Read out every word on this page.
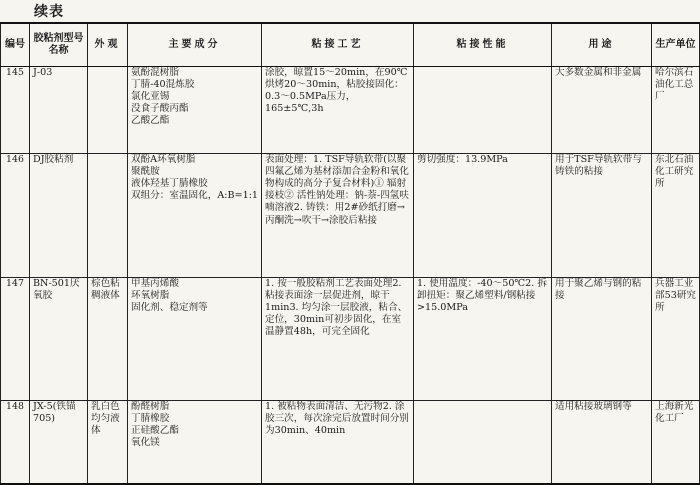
续表
编号	胶粘剂型号名称	外观	主要成分	粘接工艺	粘接性能	用途	生产单位
145	J-03		氨酚混树脂
丁腈-40混炼胶
氯化亚锡
没食子酸丙酯
乙酸乙酯	涂胶，晾置15～20min，在90℃烘烤20～30min，粘胶接固化：0.3～0.5MPa压力，165±5℃,3h		大多数金属和非金属	哈尔滨石油化工总厂
146	DJ胶粘剂		双酚A环氧树脂
聚酰胺
液体羟基丁腈橡胶
双组分：室温固化，A:B=1:1	表面处理：1. TSF导轨软带(以聚四氟乙烯为基材添加合金粉和氧化物构成的高分子复合材料)① 辐射接枝② 活性钠处理：钠-萘-四氢呋喃溶液2. 铸铁：用2#砂纸打磨→丙酮洗→吹干→涂胶后粘接	剪切强度：13.9MPa	用于TSF导轨软带与铸铁的粘接	东北石油化工研究所
147	BN-501厌氧胶	棕色粘稠液体	甲基丙烯酸
环氧树脂
固化剂、稳定剂等	1. 按一般胶粘剂工艺表面处理2. 粘接表面涂一层促进剂，晾干1min3. 均匀涂一层胶液，粘合、定位，30min可初步固化，在室温静置48h，可完全固化	1. 使用温度：-40～50℃2. 拆卸扭矩：聚乙烯塑料/钢粘接>15.0MPa	用于聚乙烯与钢的粘接	兵器工业部53研究所
148	JX-5(铁锚705)	乳白色均匀液体	酚醛树脂
丁腈橡胶
正硅酸乙酯
氧化镁	1. 被粘物表面清洁、无污物2. 涂胶三次，每次涂完后放置时间分别为30min、40min		适用粘接玻璃钢等	上海新光化工厂
